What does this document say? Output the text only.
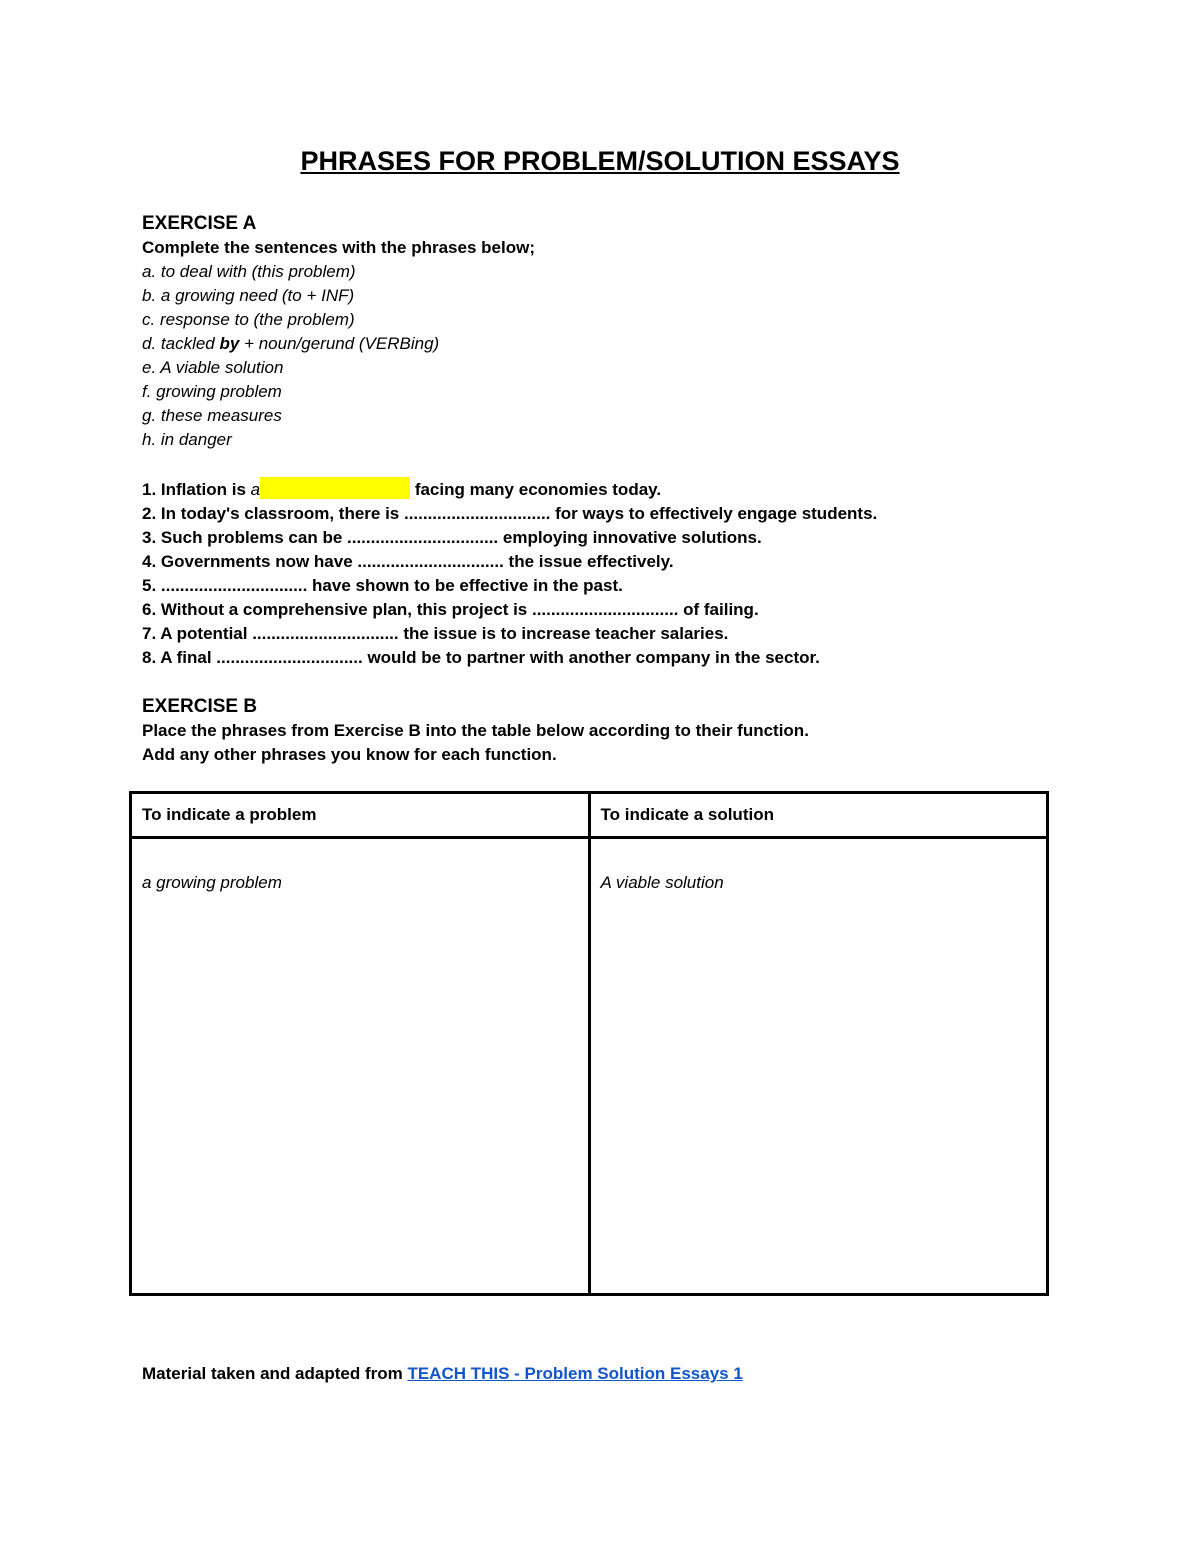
PHRASES FOR PROBLEM/SOLUTION ESSAYS
EXERCISE A
Complete the sentences with the phrases below;
a. to deal with (this problem)
b. a growing need (to + INF)
c. response to (the problem)
d. tackled by + noun/gerund (VERBing)
e. A viable solution
f. growing problem
g. these measures
h. in danger
1. Inflation is a	facing many economies today.
2. In today's classroom, there is ............................... for ways to effectively engage students.
3. Such problems can be ................................ employing innovative solutions.
4. Governments now have ............................... the issue effectively.
5. ............................... have shown to be effective in the past.
6. Without a comprehensive plan, this project is ............................... of failing.
7. A potential ............................... the issue is to increase teacher salaries.
8. A final ............................... would be to partner with another company in the sector.
EXERCISE B
Place the phrases from Exercise B into the table below according to their function.
Add any other phrases you know for each function.
To indicate a problem	To indicate a solution
a growing problem	A viable solution
Material taken and adapted from TEACH THIS - Problem Solution Essays 1
